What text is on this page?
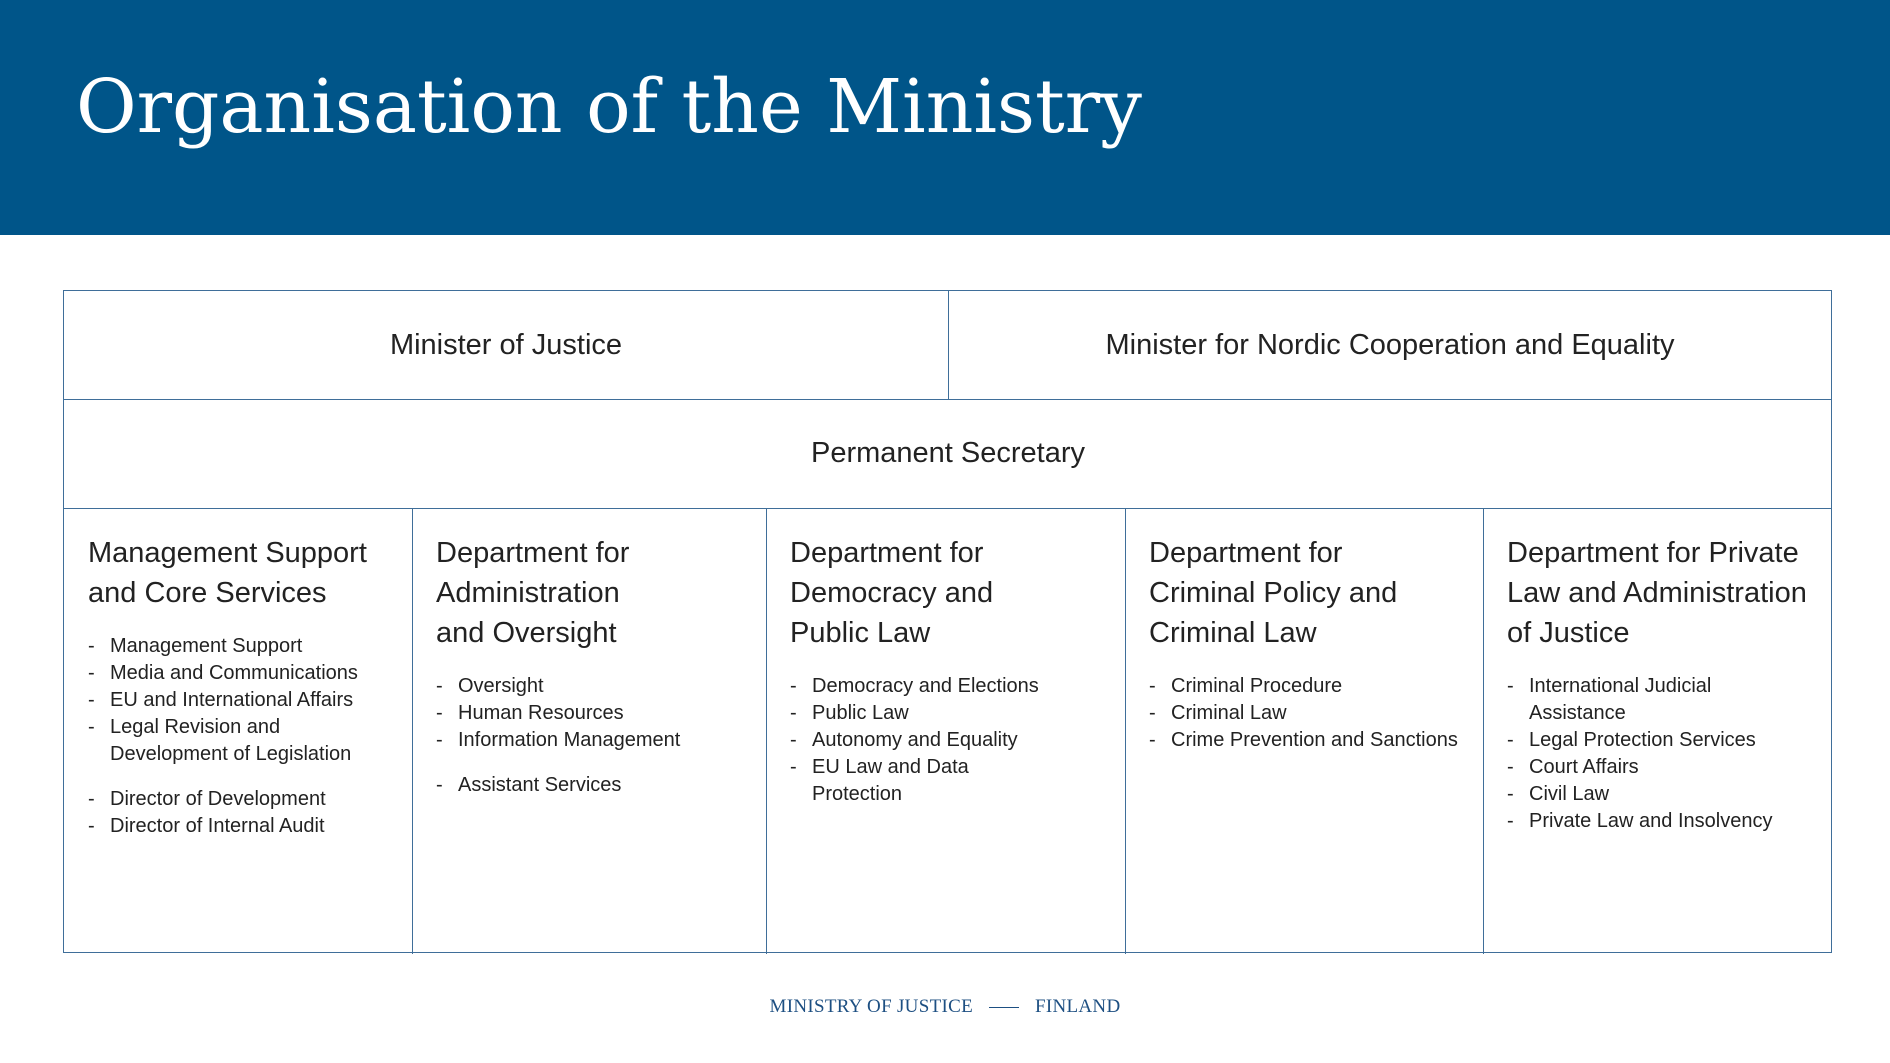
Organisation of the Ministry
Minister of Justice	Minister for Nordic Cooperation and Equality
Permanent Secretary
Management Support
and Core Services
- Management Support
- Media and Communications
- EU and International Affairs
- Legal Revision and
Development of Legislation
- Director of Development
- Director of Internal Audit
Department for
Administration
and Oversight
- Oversight
- Human Resources
- Information Management
- Assistant Services
Department for
Democracy and
Public Law
- Democracy and Elections
- Public Law
- Autonomy and Equality
- EU Law and Data
Protection
Department for
Criminal Policy and
Criminal Law
- Criminal Procedure
- Criminal Law
- Crime Prevention and Sanctions
Department for Private
Law and Administration
of Justice
- International Judicial
Assistance
- Legal Protection Services
- Court Affairs
- Civil Law
- Private Law and Insolvency
MINISTRY OF JUSTICE	FINLAND
